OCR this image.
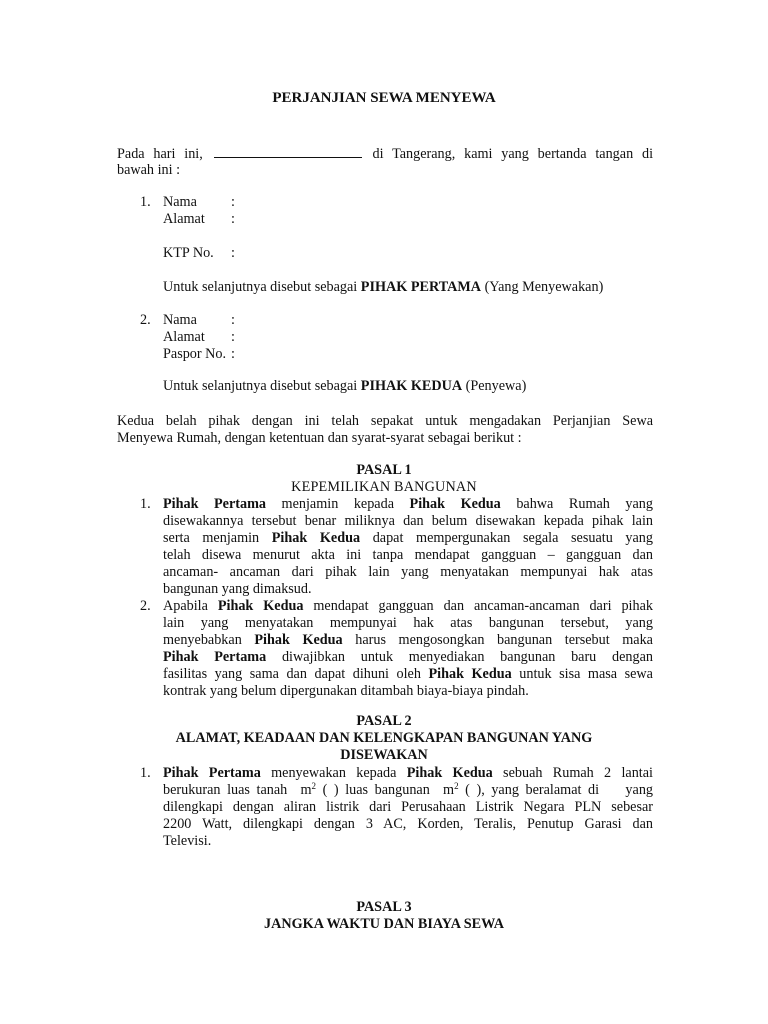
PERJANJIAN SEWA MENYEWA
Pada hari ini,	di Tangerang, kami yang bertanda tangan di
bawah ini :
1. Nama :
Alamat :
KTP No. :
Untuk selanjutnya disebut sebagai PIHAK PERTAMA (Yang Menyewakan)
2. Nama :
Alamat :
Paspor No. :
Untuk selanjutnya disebut sebagai PIHAK KEDUA (Penyewa)
Kedua belah pihak dengan ini telah sepakat untuk mengadakan Perjanjian Sewa
Menyewa Rumah, dengan ketentuan dan syarat-syarat sebagai berikut :
PASAL 1
KEPEMILIKAN BANGUNAN
1. Pihak Pertama menjamin kepada Pihak Kedua bahwa Rumah yang

disewakannya tersebut benar miliknya dan belum disewakan kepada pihak lain

serta menjamin Pihak Kedua dapat mempergunakan segala sesuatu yang

telah disewa menurut akta ini tanpa mendapat gangguan – gangguan dan

ancaman- ancaman dari pihak lain yang menyatakan mempunyai hak atas

bangunan yang dimaksud.

2. Apabila Pihak Kedua mendapat gangguan dan ancaman-ancaman dari pihak

lain yang menyatakan mempunyai hak atas bangunan tersebut, yang

menyebabkan Pihak Kedua harus mengosongkan bangunan tersebut maka

Pihak Pertama diwajibkan untuk menyediakan bangunan baru dengan

fasilitas yang sama dan dapat dihuni oleh Pihak Kedua untuk sisa masa sewa

kontrak yang belum dipergunakan ditambah biaya-biaya pindah.

PASAL 2
ALAMAT, KEADAAN DAN KELENGKAPAN BANGUNAN YANG
DISEWAKAN
1. Pihak Pertama menyewakan kepada Pihak Kedua sebuah Rumah 2 lantai

berukuran luas tanah  $m^2$ ( ) luas bangunan  $m^2$ ( ), yang beralamat di    yang

dilengkapi dengan aliran listrik dari Perusahaan Listrik Negara PLN sebesar

2200 Watt, dilengkapi dengan 3 AC, Korden, Teralis, Penutup Garasi dan

Televisi.

PASAL 3
JANGKA WAKTU DAN BIAYA SEWA
